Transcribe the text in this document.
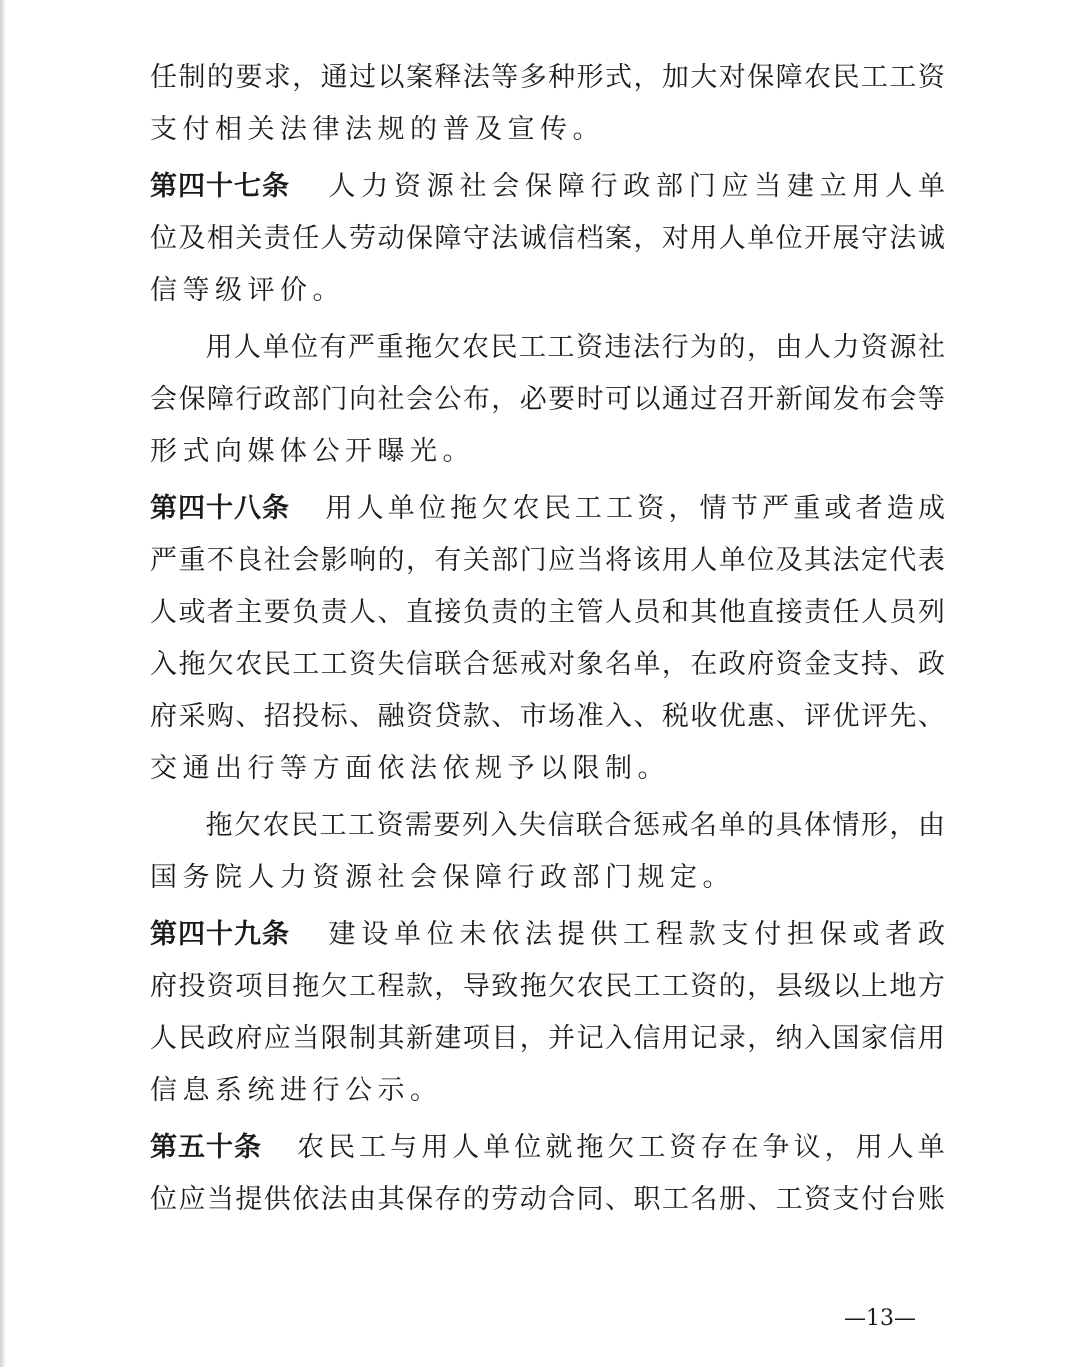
任 制 的 要 求 ， 通 过 以 案 释 法 等 多 种 形 式 ， 加 大 对 保 障 农 民 工 工 资
支付相关法律法规的普及宣传。
第四十七条 人 力 资 源 社 会 保 障 行 政 部 门 应 当 建 立 用 人 单
位 及 相 关 责 任 人 劳 动 保 障 守 法 诚 信 档 案 ， 对 用 人 单 位 开 展 守 法 诚
信等级评价。
用 人 单 位 有 严 重 拖 欠 农 民 工 工 资 违 法 行 为 的 ， 由 人 力 资 源 社
会 保 障 行 政 部 门 向 社 会 公 布 ， 必 要 时 可 以 通 过 召 开 新 闻 发 布 会 等
形式向媒体公开曝光。
第四十八条 用 人 单 位 拖 欠 农 民 工 工 资 ， 情 节 严 重 或 者 造 成
严 重 不 良 社 会 影 响 的 ， 有 关 部 门 应 当 将 该 用 人 单 位 及 其 法 定 代 表
人 或 者 主 要 负 责 人 、 直 接 负 责 的 主 管 人 员 和 其 他 直 接 责 任 人 员 列
入 拖 欠 农 民 工 工 资 失 信 联 合 惩 戒 对 象 名 单 ， 在 政 府 资 金 支 持 、 政
府 采 购 、 招 投 标 、 融 资 贷 款 、 市 场 准 入 、 税 收 优 惠 、 评 优 评 先 、
交通出行等方面依法依规予以限制。
拖 欠 农 民 工 工 资 需 要 列 入 失 信 联 合 惩 戒 名 单 的 具 体 情 形 ， 由
国务院人力资源社会保障行政部门规定。
第四十九条 建 设 单 位 未 依 法 提 供 工 程 款 支 付 担 保 或 者 政
府 投 资 项 目 拖 欠 工 程 款 ， 导 致 拖 欠 农 民 工 工 资 的 ， 县 级 以 上 地 方
人 民 政 府 应 当 限 制 其 新 建 项 目 ， 并 记 入 信 用 记 录 ， 纳 入 国 家 信 用
信息系统进行公示。
第五十条 农 民 工 与 用 人 单 位 就 拖 欠 工 资 存 在 争 议 ， 用 人 单
位 应 当 提 供 依 法 由 其 保 存 的 劳 动 合 同 、 职 工 名 册 、 工 资 支 付 台 账
—13—
